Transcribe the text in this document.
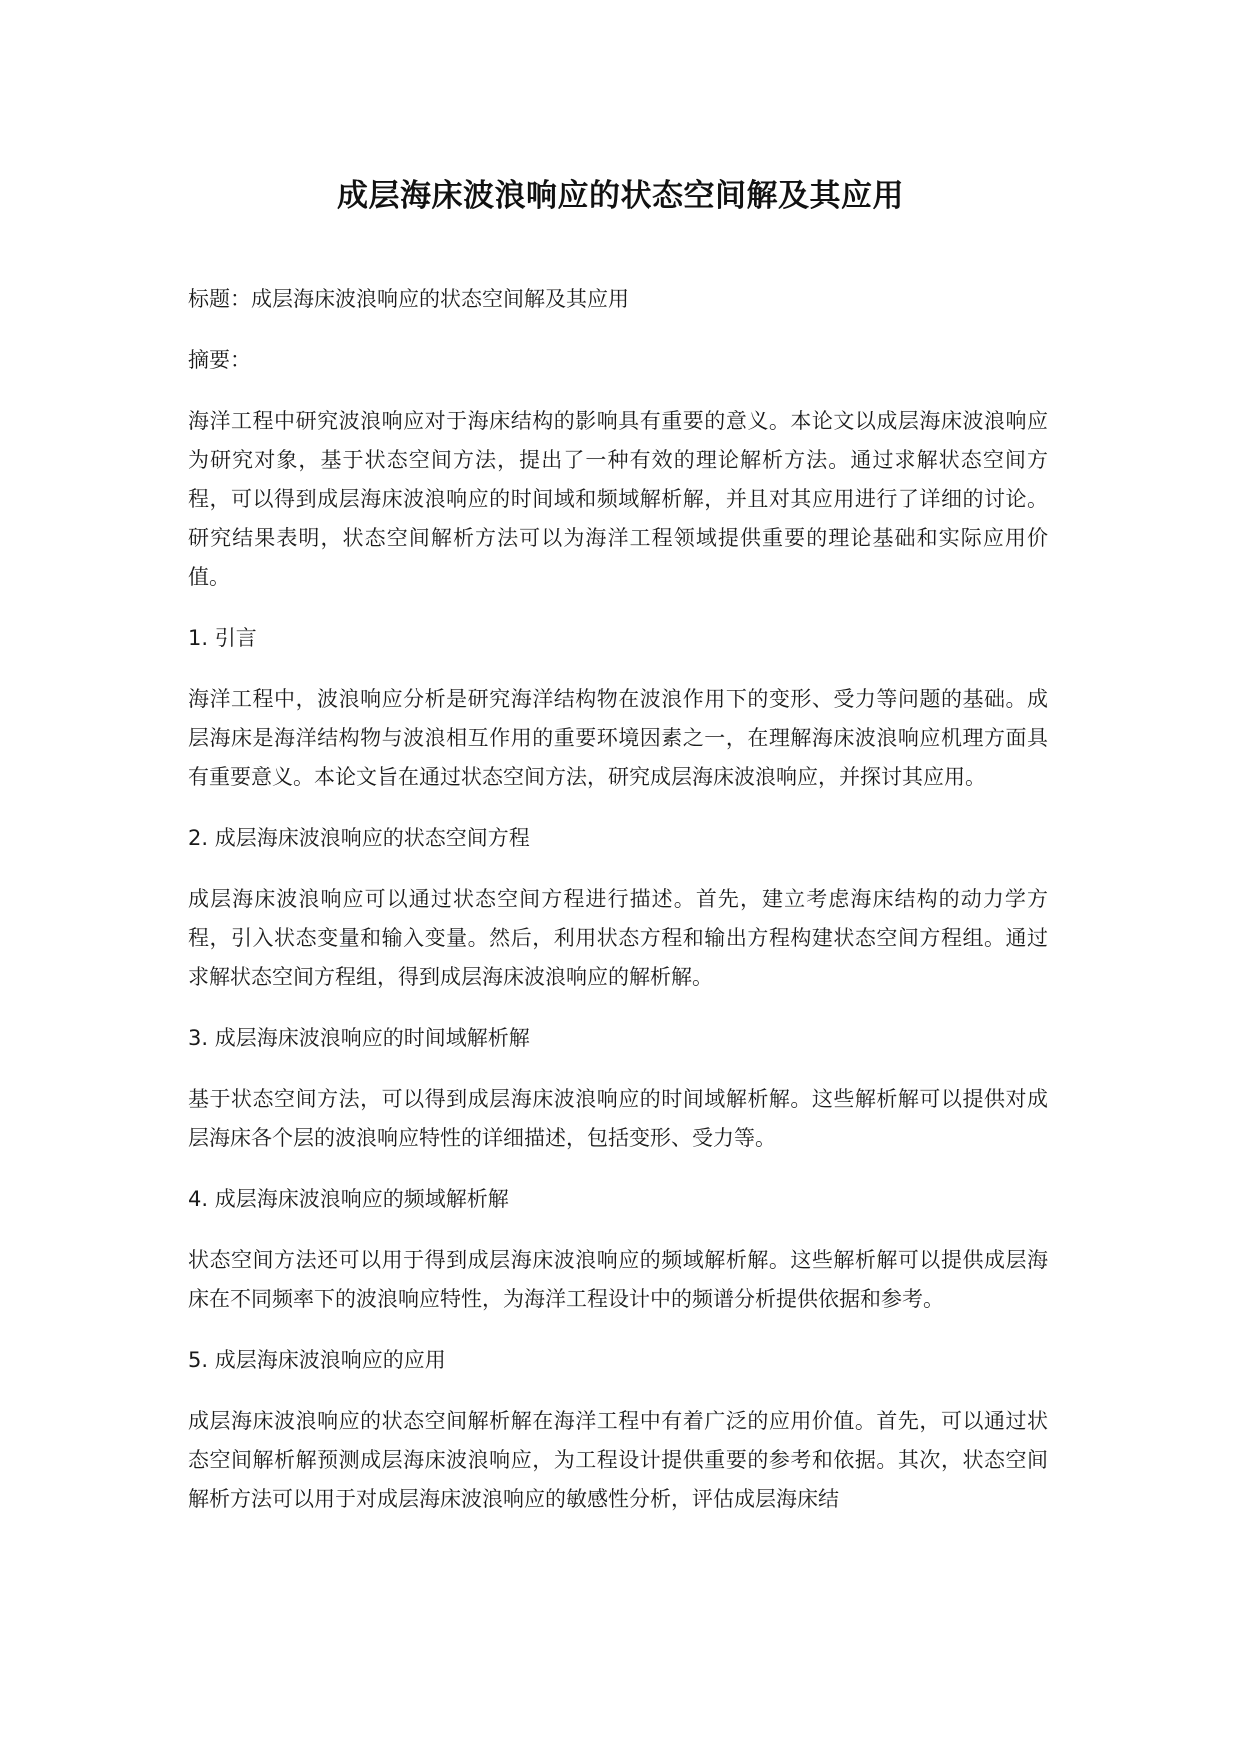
成层海床波浪响应的状态空间解及其应用

标题：成层海床波浪响应的状态空间解及其应用

摘要：

海洋工程中研究波浪响应对于海床结构的影响具有重要的意义。本论文以成层海床波浪响应为研究对象，基于状态空间方法，提出了一种有效的理论解析方法。通过求解状态空间方程，可以得到成层海床波浪响应的时间域和频域解析解，并且对其应用进行了详细的讨论。研究结果表明，状态空间解析方法可以为海洋工程领域提供重要的理论基础和实际应用价值。

1. 引言

海洋工程中，波浪响应分析是研究海洋结构物在波浪作用下的变形、受力等问题的基础。成层海床是海洋结构物与波浪相互作用的重要环境因素之一，在理解海床波浪响应机理方面具有重要意义。本论文旨在通过状态空间方法，研究成层海床波浪响应，并探讨其应用。

2. 成层海床波浪响应的状态空间方程

成层海床波浪响应可以通过状态空间方程进行描述。首先，建立考虑海床结构的动力学方程，引入状态变量和输入变量。然后，利用状态方程和输出方程构建状态空间方程组。通过求解状态空间方程组，得到成层海床波浪响应的解析解。

3. 成层海床波浪响应的时间域解析解

基于状态空间方法，可以得到成层海床波浪响应的时间域解析解。这些解析解可以提供对成层海床各个层的波浪响应特性的详细描述，包括变形、受力等。

4. 成层海床波浪响应的频域解析解

状态空间方法还可以用于得到成层海床波浪响应的频域解析解。这些解析解可以提供成层海床在不同频率下的波浪响应特性，为海洋工程设计中的频谱分析提供依据和参考。

5. 成层海床波浪响应的应用

成层海床波浪响应的状态空间解析解在海洋工程中有着广泛的应用价值。首先，可以通过状态空间解析解预测成层海床波浪响应，为工程设计提供重要的参考和依据。其次，状态空间解析方法可以用于对成层海床波浪响应的敏感性分析，评估成层海床结
